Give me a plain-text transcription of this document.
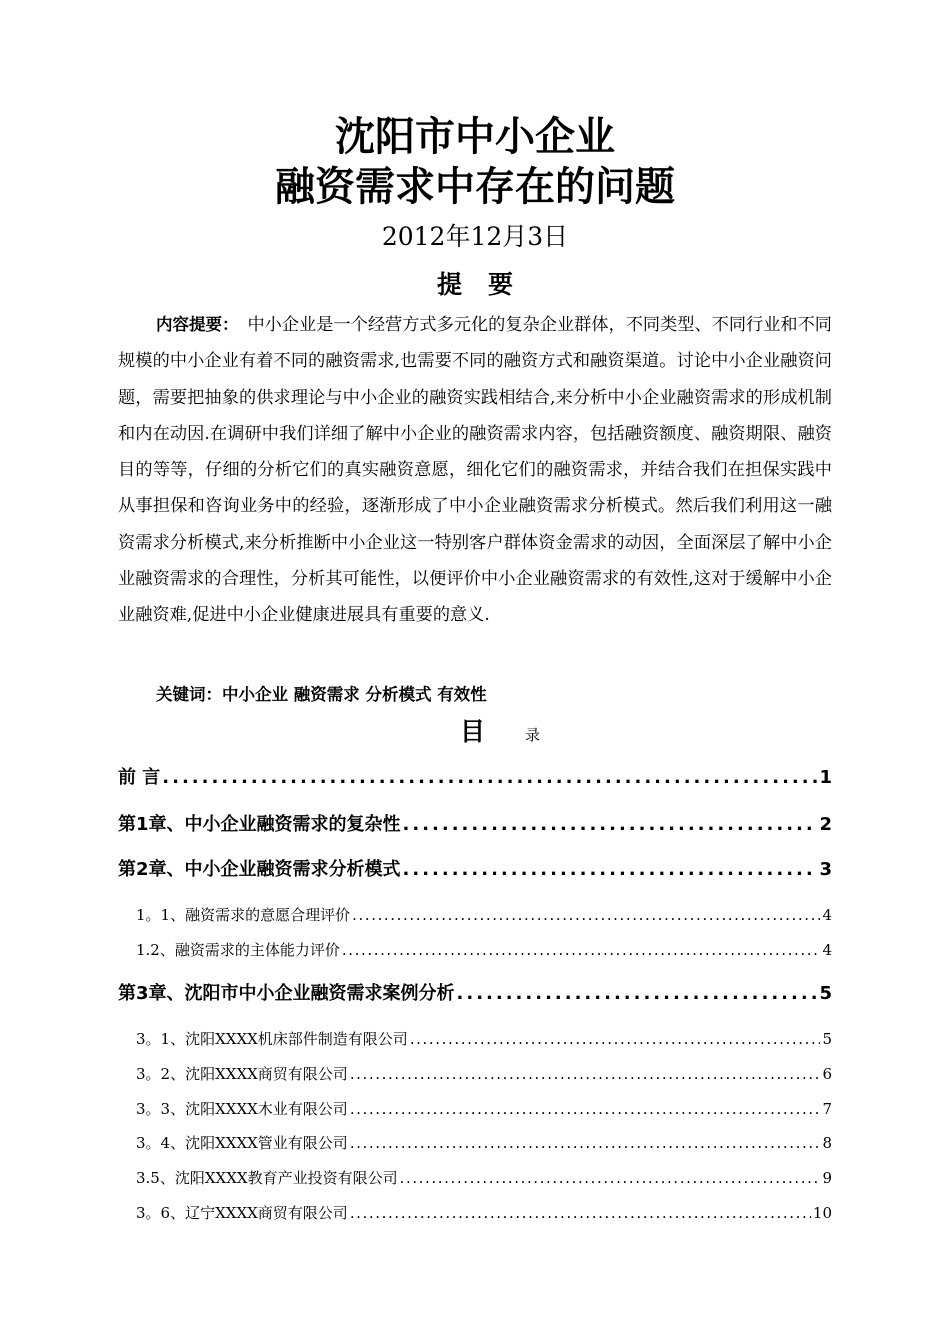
沈阳市中小企业
融资需求中存在的问题
2012年12月3日
提要

内容提要：　 中小企业是一个经营方式多元化的复杂企业群体，不同类型、不同行业和不同规模的中小企业有着不同的融资需求,也需要不同的融资方式和融资渠道。讨论中小企业融资问题，需要把抽象的供求理论与中小企业的融资实践相结合,来分析中小企业融资需求的形成机制和内在动因.在调研中我们详细了解中小企业的融资需求内容，包括融资额度、融资期限、融资目的等等，仔细的分析它们的真实融资意愿，细化它们的融资需求，并结合我们在担保实践中从事担保和咨询业务中的经验，逐渐形成了中小企业融资需求分析模式。然后我们利用这一融资需求分析模式,来分析推断中小企业这一特别客户群体资金需求的动因，全面深层了解中小企业融资需求的合理性，分析其可能性，以便评价中小企业融资需求的有效性,这对于缓解中小企业融资难,促进中小企业健康进展具有重要的意义.

关键词：中小企业 融资需求 分析模式 有效性
目	录
前 言 .....	1
第1章、中小企业融资需求的复杂性 .....	2
第2章、中小企业融资需求分析模式 .....	3
1。1、融资需求的意愿合理评价 .....	4
1.2、融资需求的主体能力评价 .....	4
第3章、沈阳市中小企业融资需求案例分析 .....	5
3。1、沈阳XXXX机床部件制造有限公司 .....	5
3。2、沈阳XXXX商贸有限公司 .....	6
3。3、沈阳XXXX木业有限公司 .....	7
3。4、沈阳XXXX管业有限公司 .....	8
3.5、沈阳XXXX教育产业投资有限公司 .....	9
3。6、辽宁XXXX商贸有限公司 .....	10
